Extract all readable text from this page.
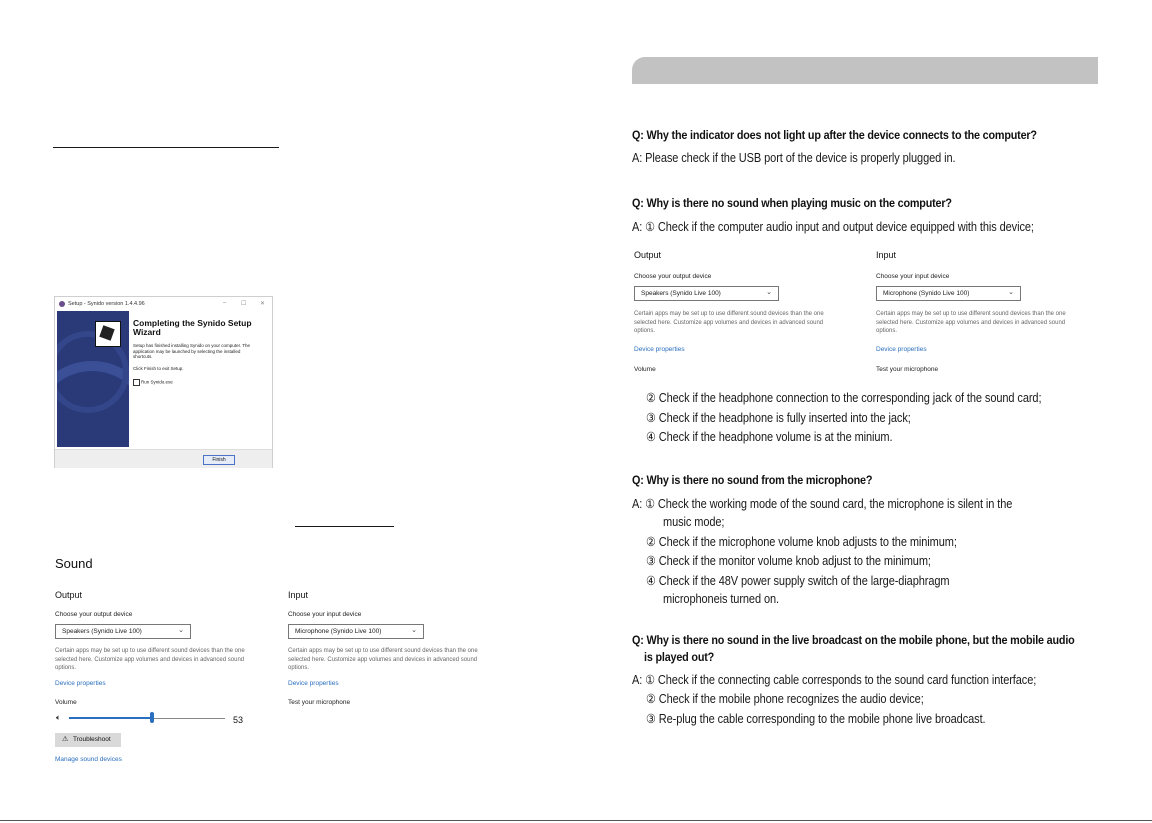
Setup - Synido version 1.4.4.96	– ☐ ✕
Completing the Synido Setup
Wizard
Setup has finished installing Synido on your computer. The
application may be launched by selecting the installed
shortcuts.
Click Finish to exit Setup.
Run Synido.exe
Finish
Sound
Output
Choose your output device
Speakers (Synido Live 100)	⌄
Certain apps may be set up to use different sound devices than the one
selected here. Customize app volumes and devices in advanced sound
options.
Device properties
Volume
🔈︎	53
⚠ Troubleshoot
Manage sound devices
Input
Choose your input device
Microphone (Synido Live 100)	⌄
Certain apps may be set up to use different sound devices than the one
selected here. Customize app volumes and devices in advanced sound
options.
Device properties
Test your microphone
Q: Why the indicator does not light up after the device connects to the computer?
A: Please check if the USB port of the device is properly plugged in.
Q: Why is there no sound when playing music on the computer?
A: ① Check if the computer audio input and output device equipped with this device;
Output
Choose your output device
Speakers (Synido Live 100)	⌄
Certain apps may be set up to use different sound devices than the one
selected here. Customize app volumes and devices in advanced sound
options.
Device properties
Volume
Input
Choose your input device
Microphone (Synido Live 100)	⌄
Certain apps may be set up to use different sound devices than the one
selected here. Customize app volumes and devices in advanced sound
options.
Device properties
Test your microphone
② Check if the headphone connection to the corresponding jack of the sound card;
③ Check if the headphone is fully inserted into the jack;
④ Check if the headphone volume is at the minium.
Q: Why is there no sound from the microphone?
A: ① Check the working mode of the sound card, the microphone is silent in the
music mode;
② Check if the microphone volume knob adjusts to the minimum;
③ Check if the monitor volume knob adjust to the minimum;
④ Check if the 48V power supply switch of the large-diaphragm
microphoneis turned on.
Q: Why is there no sound in the live broadcast on the mobile phone, but the mobile audio
is played out?
A: ① Check if the connecting cable corresponds to the sound card function interface;
② Check if the mobile phone recognizes the audio device;
③ Re-plug the cable corresponding to the mobile phone live broadcast.
